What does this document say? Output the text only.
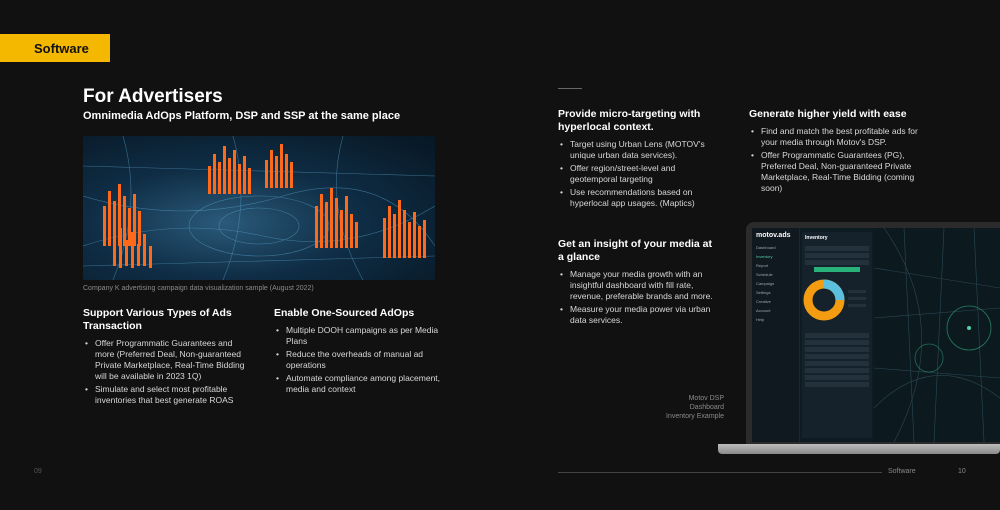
Software
For Advertisers
Omnimedia AdOps Platform, DSP and SSP at the same place
Company K advertising campaign data visualization sample (August 2022)
Support Various Types of Ads Transaction
• Offer Programmatic Guarantees and more (Preferred Deal, Non-guaranteed Private Marketplace, Real-Time Bidding will be available in 2023 1Q)
• Simulate and select most profitable inventories that best generate ROAS
Enable One-Sourced AdOps
• Multiple DOOH campaigns as per Media Plans
• Reduce the overheads of manual ad operations
• Automate compliance among placement, media and context
09
Provide micro-targeting with hyperlocal context.
• Target using Urban Lens (MOTOV's unique urban data services).
• Offer region/street-level and geotemporal targeting
• Use recommendations based on hyperlocal app usages. (Maptics)
Generate higher yield with ease
• Find and match the best profitable ads for your media through Motov's DSP.
• Offer Programmatic Guarantees (PG), Preferred Deal, Non-guaranteed Private Marketplace, Real-Time Bidding (coming soon)
Get an insight of your media at a glance
• Manage your media growth with an insightful dashboard with fill rate, revenue, preferable brands and more.
• Measure your media power via urban data services.
Motov DSP
Dashboard
Inventory Example
motov.ads
Dashboard
Inventory
Report
Schedule
Campaign
Settings
Creative
Account
Help
Inventory
Software	10
